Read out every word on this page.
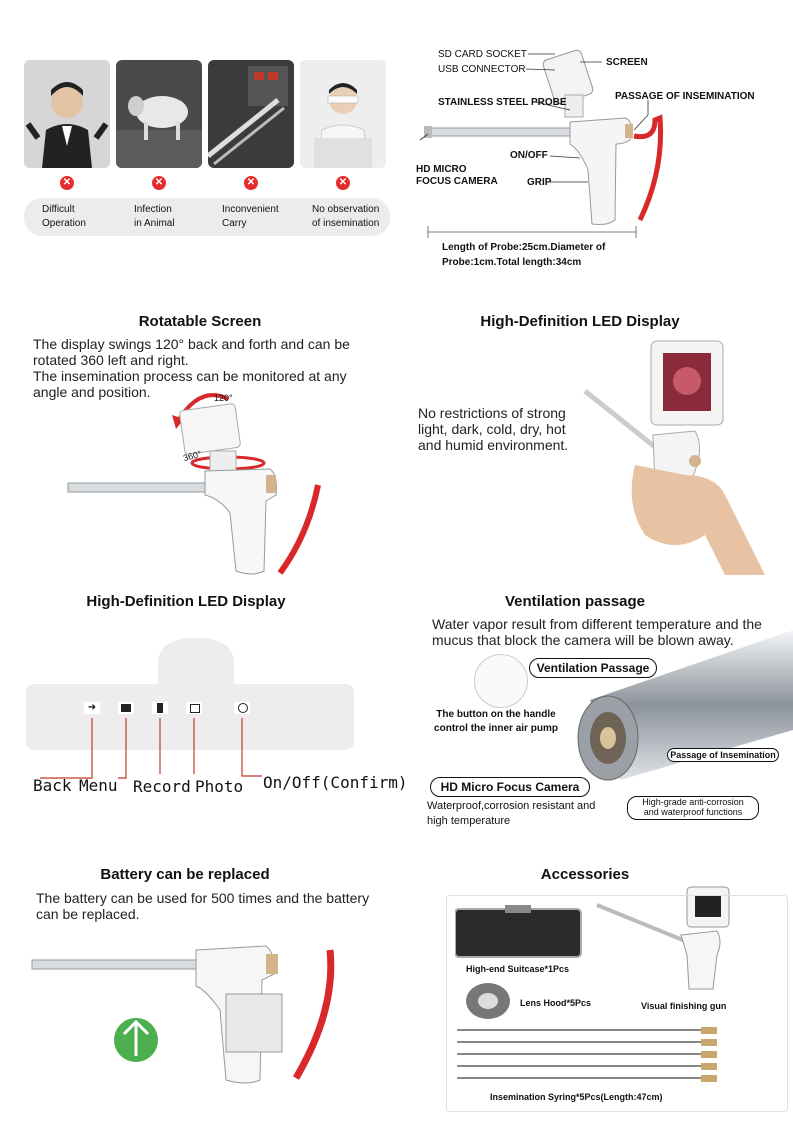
✕	✕	✕	✕
Difficult
Operation
Infection
in Animal
Inconvenient
Carry
No observation
of insemination
SD CARD SOCKET
USB CONNECTOR
SCREEN
STAINLESS STEEL PROBE
PASSAGE OF INSEMINATION
ON/OFF
HD MICRO
FOCUS CAMERA	GRIP
Length of Probe:25cm.Diameter of
Probe:1cm.Total length:34cm
Rotatable Screen
The display swings 120° back and forth and can be
rotated 360 left and right.
The insemination process can be monitored at any
angle and position.	120°
360°
High-Definition LED Display
No restrictions of strong
light, dark, cold, dry, hot
and humid environment.
High-Definition LED Display
➜
Back Menu Record Photo On/Off(Confirm)
Ventilation passage
Water vapor result from different temperature and the
mucus that block the camera will be blown away.
Ventilation Passage
The button on the handle
control the inner air pump
Passage of Insemination
HD Micro Focus Camera
Waterproof,corrosion resistant and
high temperature
High-grade anti-corrosion
and waterproof functions
Battery can be replaced
The battery can be used for 500 times and the battery
can be replaced.
Accessories
High-end Suitcase*1Pcs
Lens Hood*5Pcs	Visual finishing gun
Insemination Syring*5Pcs(Length:47cm)
